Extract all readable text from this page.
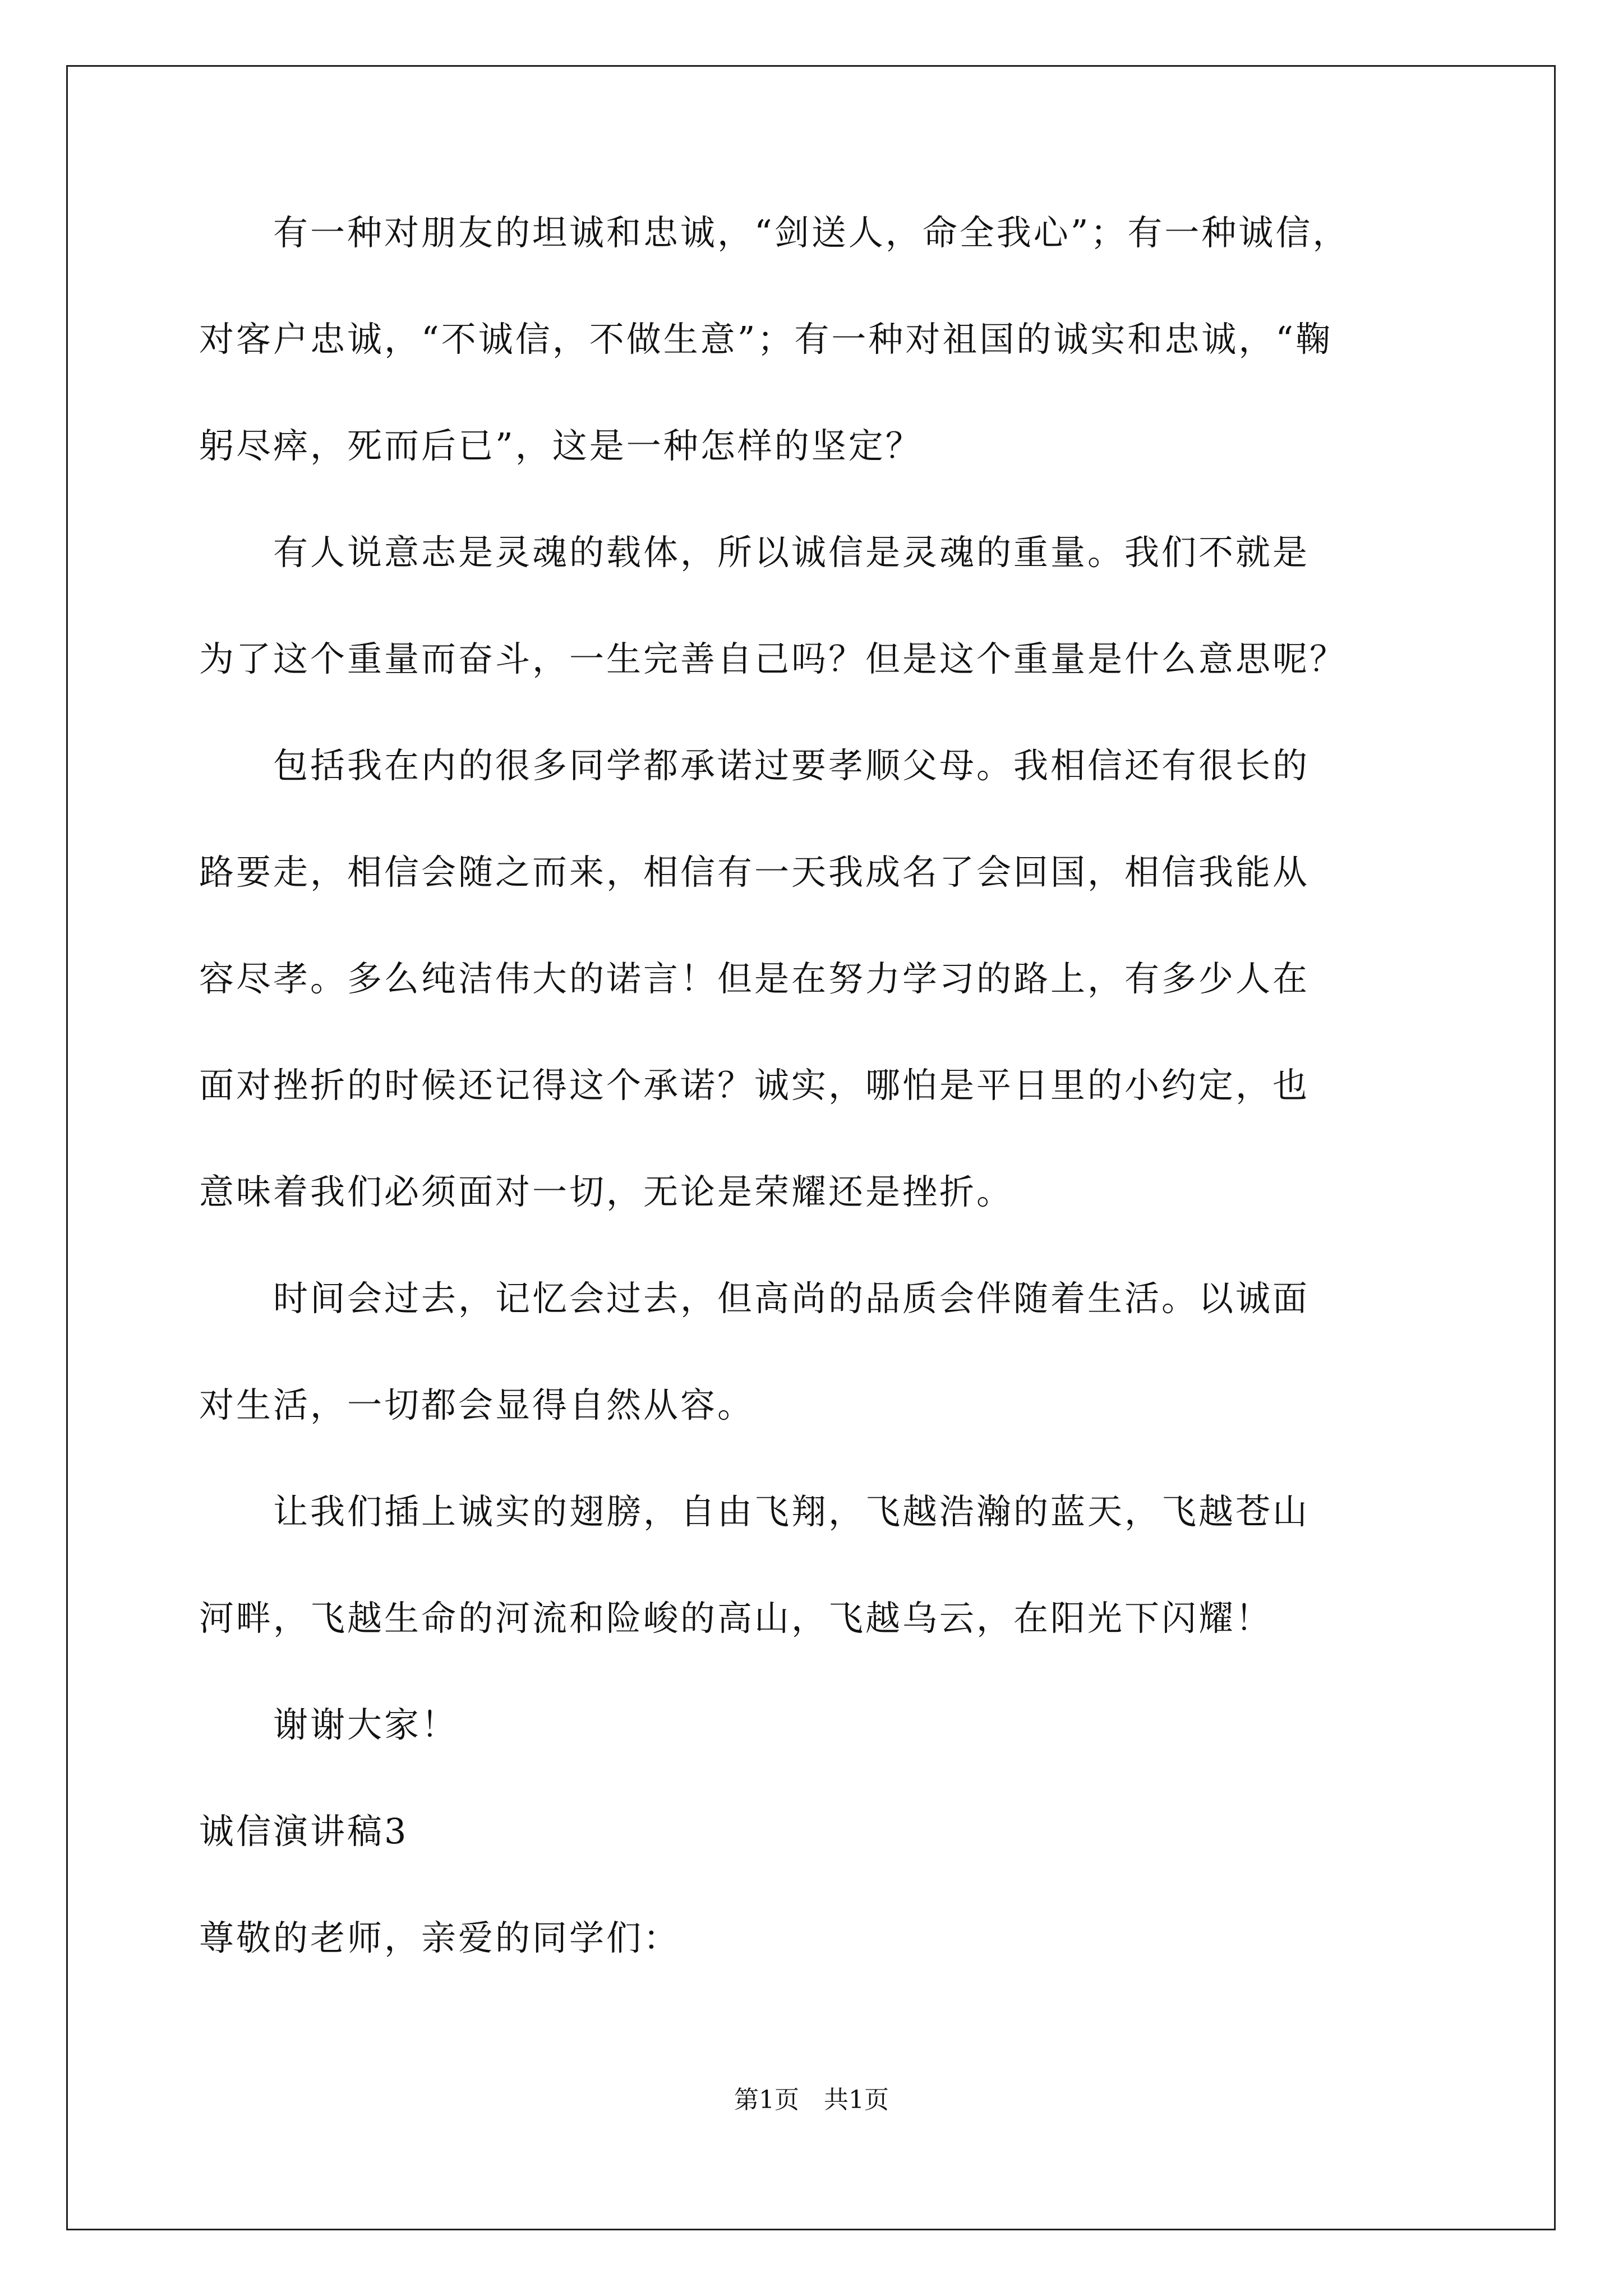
　　有一种对朋友的坦诚和忠诚，“剑送人，命全我心”；有一种诚信，
对客户忠诚，“不诚信，不做生意”；有一种对祖国的诚实和忠诚，“鞠
躬尽瘁，死而后已”，这是一种怎样的坚定？
　　有人说意志是灵魂的载体，所以诚信是灵魂的重量。我们不就是
为了这个重量而奋斗，一生完善自己吗？但是这个重量是什么意思呢？
　　包括我在内的很多同学都承诺过要孝顺父母。我相信还有很长的
路要走，相信会随之而来，相信有一天我成名了会回国，相信我能从
容尽孝。多么纯洁伟大的诺言！但是在努力学习的路上，有多少人在
面对挫折的时候还记得这个承诺？诚实，哪怕是平日里的小约定，也
意味着我们必须面对一切，无论是荣耀还是挫折。
　　时间会过去，记忆会过去，但高尚的品质会伴随着生活。以诚面
对生活，一切都会显得自然从容。
　　让我们插上诚实的翅膀，自由飞翔，飞越浩瀚的蓝天，飞越苍山
河畔，飞越生命的河流和险峻的高山，飞越乌云，在阳光下闪耀！
　　谢谢大家！
诚信演讲稿3
尊敬的老师，亲爱的同学们：
第1页　共1页
